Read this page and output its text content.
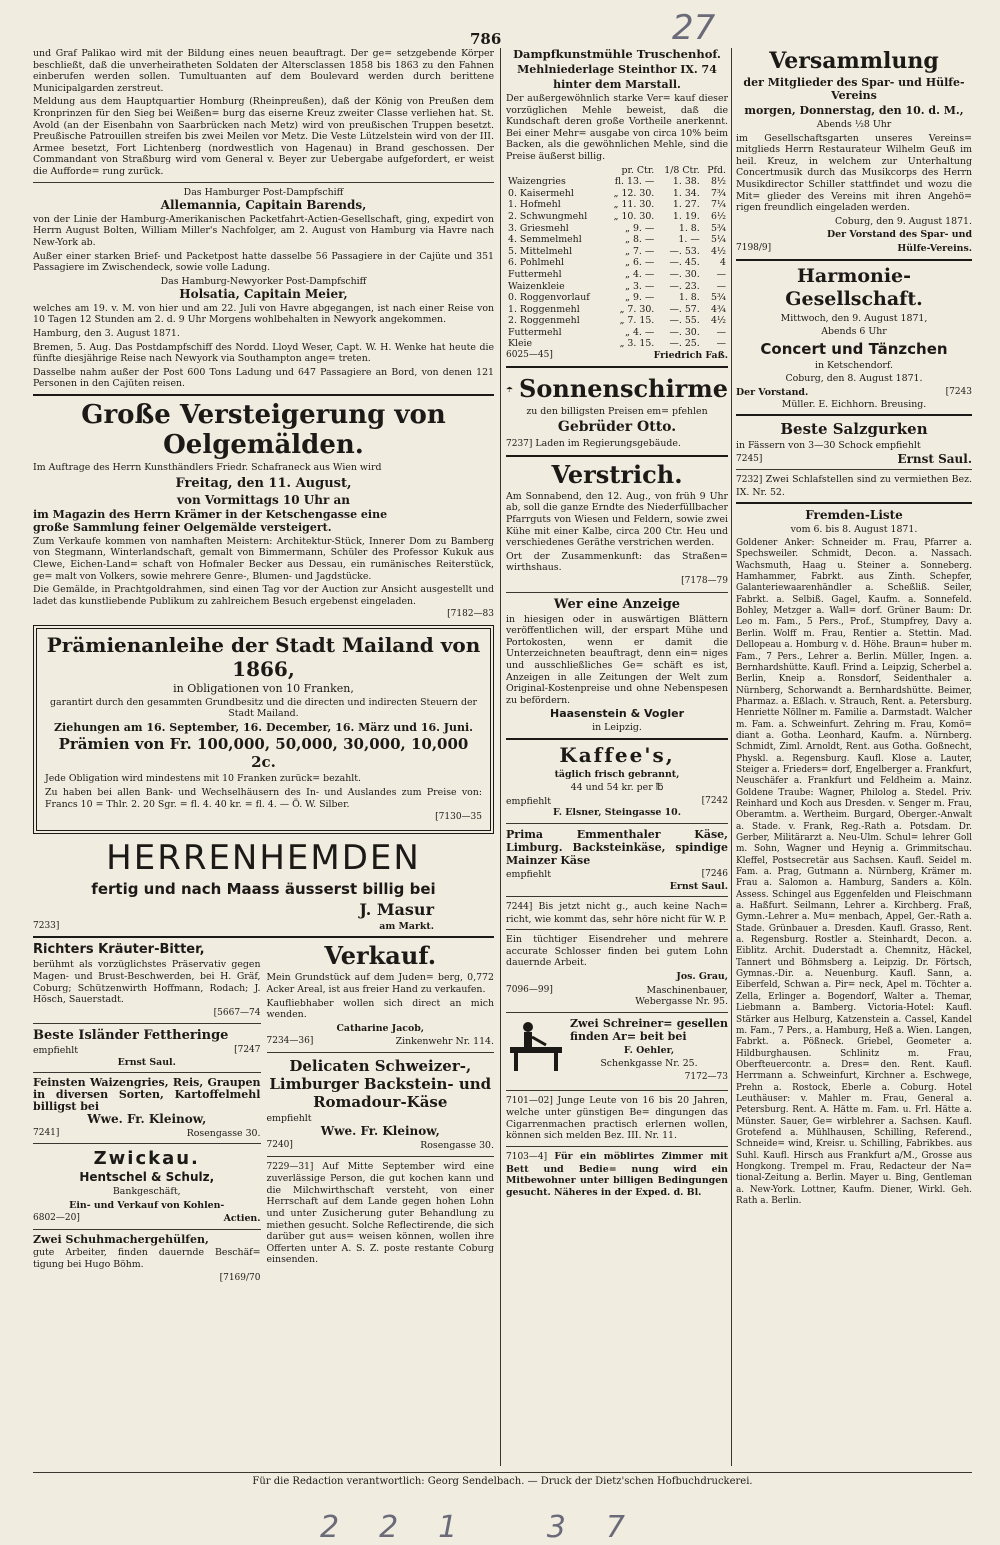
786	27

und Graf Palikao wird mit der Bildung eines neuen beauftragt. Der ge= setzgebende Körper beschließt, daß die unverheiratheten Soldaten der Altersclassen 1858 bis 1863 zu den Fahnen einberufen werden sollen. Tumultuanten auf dem Boulevard werden durch berittene Municipalgarden zerstreut.

Meldung aus dem Hauptquartier Homburg (Rheinpreußen), daß der König von Preußen dem Kronprinzen für den Sieg bei Weißen= burg das eiserne Kreuz zweiter Classe verliehen hat. St. Avold (an der Eisenbahn von Saarbrücken nach Metz) wird von preußischen Truppen besetzt. Preußische Patrouillen streifen bis zwei Meilen vor Metz. Die Veste Lützelstein wird von der III. Armee besetzt, Fort Lichtenberg (nordwestlich von Hagenau) in Brand geschossen. Der Commandant von Straßburg wird vom General v. Beyer zur Uebergabe aufgefordert, er weist die Aufforde= rung zurück.

Das Hamburger Post-Dampfschiff

Allemannia, Capitain Barends,

von der Linie der Hamburg-Amerikanischen Packetfahrt-Actien-Gesellschaft, ging, expedirt von Herrn August Bolten, William Miller's Nachfolger, am 2. August von Hamburg via Havre nach New-York ab.

Außer einer starken Brief- und Packetpost hatte dasselbe 56 Passagiere in der Cajüte und 351 Passagiere im Zwischendeck, sowie volle Ladung.

Das Hamburg-Newyorker Post-Dampfschiff

Holsatia, Capitain Meier,

welches am 19. v. M. von hier und am 22. Juli von Havre abgegangen, ist nach einer Reise von 10 Tagen 12 Stunden am 2. d. 9 Uhr Morgens wohlbehalten in Newyork angekommen.

Hamburg, den 3. August 1871.

Bremen, 5. Aug. Das Postdampfschiff des Nordd. Lloyd Weser, Capt. W. H. Wenke hat heute die fünfte diesjährige Reise nach Newyork via Southampton ange= treten.

Dasselbe nahm außer der Post 600 Tons Ladung und 647 Passagiere an Bord, von denen 121 Personen in den Cajüten reisen.

Große Versteigerung von Oelgemälden.

Im Auftrage des Herrn Kunsthändlers Friedr. Schafraneck aus Wien wird

Freitag, den 11. August,

von Vormittags 10 Uhr an

im Magazin des Herrn Krämer in der Ketschengasse eine

große Sammlung feiner Oelgemälde versteigert.

Zum Verkaufe kommen von namhaften Meistern: Architektur-Stück, Innerer Dom zu Bamberg von Stegmann, Winterlandschaft, gemalt von Bimmermann, Schüler des Professor Kukuk aus Clewe, Eichen-Land= schaft von Hofmaler Becker aus Dessau, ein rumänisches Reiterstück, ge= malt von Volkers, sowie mehrere Genre-, Blumen- und Jagdstücke.

Die Gemälde, in Prachtgoldrahmen, sind einen Tag vor der Auction zur Ansicht ausgestellt und ladet das kunstliebende Publikum zu zahlreichem Besuch ergebenst eingeladen.

[7182—83

Prämienanleihe der Stadt Mailand von 1866,

in Obligationen von 10 Franken,

garantirt durch den gesammten Grundbesitz und die directen und indirecten Steuern der Stadt Mailand.

Ziehungen am 16. September, 16. December, 16. März und 16. Juni.

Prämien von Fr. 100,000, 50,000, 30,000, 10,000 2c.

Jede Obligation wird mindestens mit 10 Franken zurück= bezahlt.

Zu haben bei allen Bank- und Wechselhäusern des In- und Auslandes zum Preise von: Francs 10 = Thlr. 2. 20 Sgr. = fl. 4. 40 kr. = fl. 4. — Ö. W. Silber.

[7130—35

HERRENHEMDEN

fertig und nach Maass äusserst billig bei

J. Masur

7233]	am Markt.

Richters Kräuter-Bitter,

berühmt als vorzüglichstes Präservativ gegen Magen- und Brust-Beschwerden, bei H. Gräf, Coburg; Schützenwirth Hoffmann, Rodach; J. Hösch, Sauerstadt.

[5667—74

Beste Isländer Fettheringe

empfiehlt	[7247

Ernst Saul.

Feinsten Waizengries, Reis, Graupen in diversen Sorten, Kartoffelmehl billigst bei

Wwe. Fr. Kleinow,

7241]	Rosengasse 30.

Zwickau.

Hentschel & Schulz,

Bankgeschäft,

Ein- und Verkauf von Kohlen-

6802—20]	Actien.

Zwei Schuhmachergehülfen,

gute Arbeiter, finden dauernde Beschäf= tigung bei Hugo Böhm.

[7169/70

Verkauf.

Mein Grundstück auf dem Juden= berg, 0,772 Acker Areal, ist aus freier Hand zu verkaufen.

Kaufliebhaber wollen sich direct an mich wenden.

Catharine Jacob,

7234—36]	Zinkenwehr Nr. 114.

Delicaten Schweizer-, Limburger Backstein- und Romadour-Käse

empfiehlt

Wwe. Fr. Kleinow,

7240]	Rosengasse 30.

7229—31] Auf Mitte September wird eine zuverlässige Person, die gut kochen kann und die Milchwirthschaft versteht, von einer Herrschaft auf dem Lande gegen hohen Lohn und unter Zusicherung guter Behandlung zu miethen gesucht. Solche Reflectirende, die sich darüber gut aus= weisen können, wollen ihre Offerten unter A. S. Z. poste restante Coburg einsenden.

Dampfkunstmühle Truschenhof.

Mehlniederlage Steinthor IX. 74

hinter dem Marstall.

Der außergewöhnlich starke Ver= kauf dieser vorzüglichen Mehle beweist, daß die Kundschaft deren große Vortheile anerkennt. Bei einer Mehr= ausgabe von circa 10% beim Backen, als die gewöhnlichen Mehle, sind die Preise äußerst billig.

	pr. Ctr.	1/8 Ctr.	Pfd.
Waizengries	fl. 13. —	1. 38.	8½
0. Kaisermehl	„ 12. 30.	1. 34.	7¾
1. Hofmehl	„ 11. 30.	1. 27.	7¼
2. Schwungmehl	„ 10. 30.	1. 19.	6½
3. Griesmehl	„ 9. —	1. 8.	5¾
4. Semmelmehl	„ 8. —	1. —	5¼
5. Mittelmehl	„ 7. —	—. 53.	4½
6. Pohlmehl	„ 6. —	—. 45.	4
Futtermehl	„ 4. —	—. 30.	—
Waizenkleie	„ 3. —	—. 23.	—
0. Roggenvorlauf	„ 9. —	1. 8.	5¾
1. Roggenmehl	„ 7. 30.	—. 57.	4¾
2. Roggenmehl	„ 7. 15.	—. 55.	4½
Futtermehl	„ 4. —	—. 30.	—
Kleie	„ 3. 15.	—. 25.	—
6025—45]	Friedrich Faß.
Sonnenschirme

zu den billigsten Preisen em= pfehlen

Gebrüder Otto.

7237] Laden im Regierungsgebäude.

Verstrich.

Am Sonnabend, den 12. Aug., von früh 9 Uhr ab, soll die ganze Erndte des Niederfüllbacher Pfarrguts von Wiesen und Feldern, sowie zwei Kühe mit einer Kalbe, circa 200 Ctr. Heu und verschiedenes Geräthe verstrichen werden.

Ort der Zusammenkunft: das Straßen= wirthshaus.

[7178—79

Wer eine Anzeige

in hiesigen oder in auswärtigen Blättern veröffentlichen will, der erspart Mühe und Portokosten, wenn er damit die Unterzeichneten beauftragt, denn ein= niges und ausschließliches Ge= schäft es ist, Anzeigen in alle Zeitungen der Welt zum Original-Kostenpreise und ohne Nebenspesen zu befördern.

Haasenstein & Vogler

in Leipzig.

Kaffee's,

täglich frisch gebrannt,

44 und 54 kr. per ℔

empfiehlt	[7242

F. Elsner, Steingasse 10.

Prima Emmenthaler Käse, Limburg. Backsteinkäse, spindige Mainzer Käse

empfiehlt	[7246

Ernst Saul.

7244] Bis jetzt nicht g., auch keine Nach= richt, wie kommt das, sehr höre nicht für W. P.

Ein tüchtiger Eisendreher und mehrere accurate Schlosser finden bei gutem Lohn dauernde Arbeit.

Jos. Grau,

7096—99]	Maschinenbauer,

Webergasse Nr. 95.

Zwei Schreiner= gesellen finden Ar= beit bei

F. Oehler,

Schenkgasse Nr. 25.

7172—73

7101—02] Junge Leute von 16 bis 20 Jahren, welche unter günstigen Be= dingungen das Cigarrenmachen practisch erlernen wollen, können sich melden Bez. III. Nr. 11.

7103—4] Für ein möblirtes Zimmer mit Bett und Bedie= nung wird ein Mitbewohner unter billigen Bedingungen gesucht. Näheres in der Exped. d. Bl.

Versammlung

der Mitglieder des Spar- und Hülfe-Vereins

morgen, Donnerstag, den 10. d. M.,

Abends ½8 Uhr

im Gesellschaftsgarten unseres Vereins= mitglieds Herrn Restaurateur Wilhelm Geuß im heil. Kreuz, in welchem zur Unterhaltung Concertmusik durch das Musikcorps des Herrn Musikdirector Schiller stattfindet und wozu die Mit= glieder des Vereins mit ihren Angehö= rigen freundlich eingeladen werden.

Coburg, den 9. August 1871.

Der Vorstand des Spar- und

7198/9]	Hülfe-Vereins.

Harmonie-Gesellschaft.

Mittwoch, den 9. August 1871,

Abends 6 Uhr

Concert und Tänzchen

in Ketschendorf.

Coburg, den 8. August 1871.

Der Vorstand.	[7243

Müller. E. Eichhorn. Breusing.

Beste Salzgurken

in Fässern von 3—30 Schock empfiehlt

7245]	Ernst Saul.

7232] Zwei Schlafstellen sind zu vermiethen Bez. IX. Nr. 52.

Fremden-Liste

vom 6. bis 8. August 1871.

Goldener Anker: Schneider m. Frau, Pfarrer a. Spechsweiler. Schmidt, Decon. a. Nassach. Wachsmuth, Haag u. Steiner a. Sonneberg. Hamhammer, Fabrkt. aus Zinth. Schepfer, Galanteriewaarenhändler a. Scheßliß. Seiler, Fabrkt. a. Selbiß. Gagel, Kaufm. a. Sonnefeld. Bohley, Metzger a. Wall= dorf. Grüner Baum: Dr. Leo m. Fam., 5 Pers., Prof., Stumpfrey, Davy a. Berlin. Wolff m. Frau, Rentier a. Stettin. Mad. Dellopeau a. Homburg v. d. Höhe. Braun= huber m. Fam., 7 Pers., Lehrer a. Berlin. Müller, Ingen. a. Bernhardshütte. Kaufl. Frind a. Leipzig, Scherbel a. Berlin, Kneip a. Ronsdorf, Seidenthaler a. Nürnberg, Schorwandt a. Bernhardshütte. Beimer, Pharmaz. a. Eßlach. v. Strauch, Rent. a. Petersburg. Henriette Nöllner m. Familie a. Darmstadt. Walcher m. Fam. a. Schweinfurt. Zehring m. Frau, Komö= diant a. Gotha. Leonhard, Kaufm. a. Nürnberg. Schmidt, Ziml. Arnoldt, Rent. aus Gotha. Goßnecht, Physkl. a. Regensburg. Kaufl. Klose a. Lauter, Steiger a. Frieders= dorf, Engelberger a. Frankfurt, Neuschäfer a. Frankfurt und Feldheim a. Mainz. Goldene Traube: Wagner, Philolog a. Stedel. Priv. Reinhard und Koch aus Dresden. v. Senger m. Frau, Oberamtm. a. Wertheim. Burgard, Oberger.-Anwalt a. Stade. v. Frank, Reg.-Rath a. Potsdam. Dr. Gerber, Militärarzt a. Neu-Ulm. Schul= lehrer Goll m. Sohn, Wagner und Heynig a. Grimmitschau. Kleffel, Postsecretär aus Sachsen. Kaufl. Seidel m. Fam. a. Prag, Gutmann a. Nürnberg, Krämer m. Frau a. Salomon a. Hamburg, Sanders a. Köln. Assess. Schingel aus Eggenfelden und Fleischmann a. Haßfurt. Seilmann, Lehrer a. Kirchberg. Fraß, Gymn.-Lehrer a. Mu= menbach, Appel, Ger.-Rath a. Stade. Grünbauer a. Dresden. Kaufl. Grasso, Rent. a. Regensburg. Rostler a. Steinhardt, Decon. a. Eiblitz. Archit. Duderstadt a. Chemnitz, Häckel, Tannert und Böhmsberg a. Leipzig. Dr. Förtsch, Gymnas.-Dir. a. Neuenburg. Kaufl. Sann, a. Eiberfeld, Schwan a. Pir= neck, Apel m. Töchter a. Zella, Erlinger a. Bogendorf, Walter a. Themar, Liebmann a. Bamberg. Victoria-Hotel: Kaufl. Stärker aus Helburg, Katzenstein a. Cassel, Kandel m. Fam., 7 Pers., a. Hamburg, Heß a. Wien. Langen, Fabrkt. a. Pößneck. Griebel, Geometer a. Hildburghausen. Schlinitz m. Frau, Oberfteuercontr. a. Dres= den. Rent. Kaufl. Herrmann a. Schweinfurt, Kirchner a. Eschwege, Prehn a. Rostock, Eberle a. Coburg. Hotel Leuthäuser: v. Mahler m. Frau, General a. Petersburg. Rent. A. Hätte m. Fam. u. Frl. Hätte a. Münster. Sauer, Ge= wirblehrer a. Sachsen. Kaufl. Grotefend a. Mühlhausen, Schilling, Referend., Schneide= wind, Kreisr. u. Schilling, Fabrikbes. aus Suhl. Kaufl. Hirsch aus Frankfurt a/M., Grosse aus Hongkong. Trempel m. Frau, Redacteur der Na= tional-Zeitung a. Berlin. Mayer u. Bing, Gentleman a. New-York. Lottner, Kaufm. Diener, Wirkl. Geh. Rath a. Berlin.

Für die Redaction verantwortlich: Georg Sendelbach. — Druck der Dietz'schen Hofbuchdruckerei.
221 37
